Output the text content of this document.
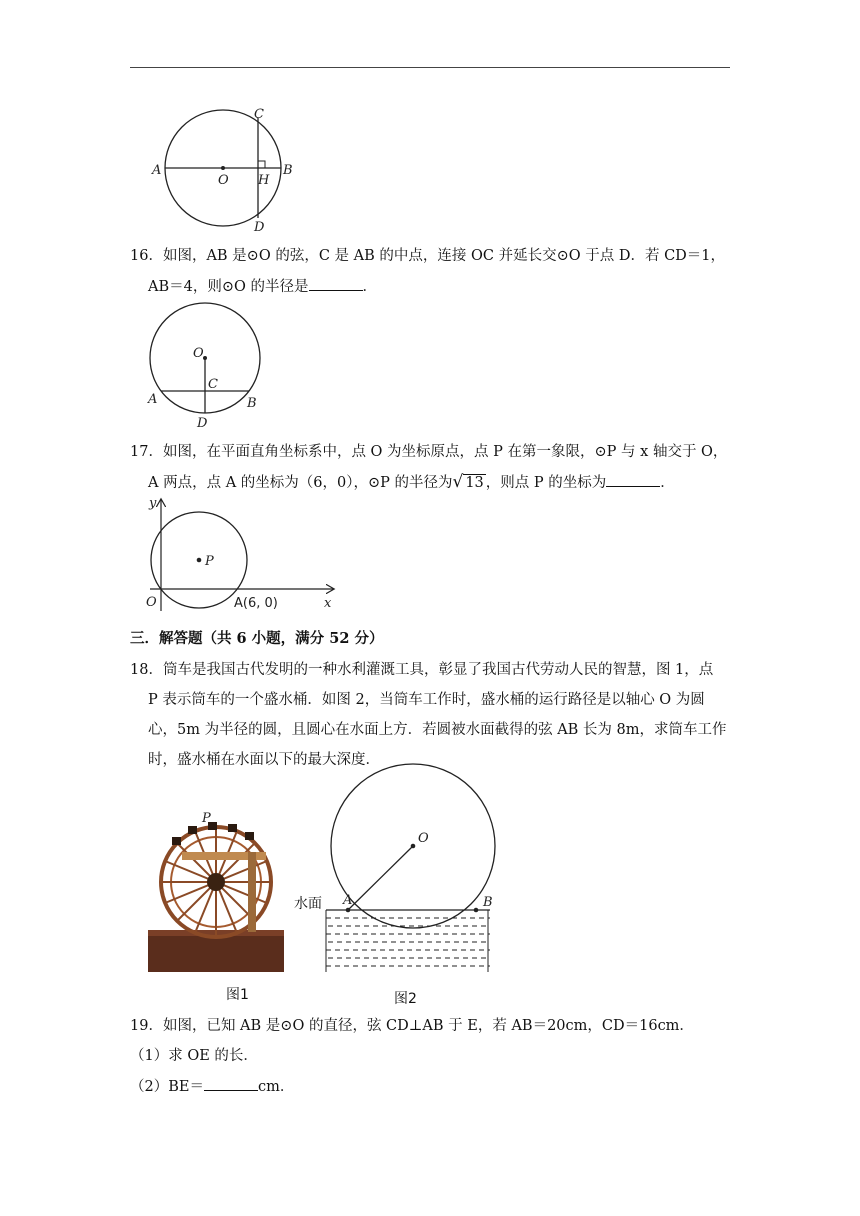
A
O H
B
C
D
16．如图，AB 是⊙O 的弦，C 是 AB 的中点，连接 OC 并延长交⊙O 于点 D．若 CD＝1，
AB＝4，则⊙O 的半径是	．
O
C
A	B
D
17．如图，在平面直角坐标系中，点 O 为坐标原点，点 P 在第一象限，⊙P 与 x 轴交于 O，
A 两点，点 A 的坐标为（6，0），⊙P 的半径为√ 13 ，则点 P 的坐标为	．
y
P
O	A(6, 0)	x
三．解答题（共 6 小题，满分 52 分）
18．筒车是我国古代发明的一种水利灌溉工具，彰显了我国古代劳动人民的智慧，图 1，点
P 表示筒车的一个盛水桶．如图 2，当筒车工作时，盛水桶的运行路径是以轴心 O 为圆
心，5m 为半径的圆，且圆心在水面上方．若圆被水面截得的弦 AB 长为 8m，求筒车工作
时，盛水桶在水面以下的最大深度．
P
O
A	B
水面
图1	图2
19．如图，已知 AB 是⊙O 的直径，弦 CD⊥AB 于 E，若 AB＝20cm，CD＝16cm．
（1）求 OE 的长．
（2）BE＝	cm．
